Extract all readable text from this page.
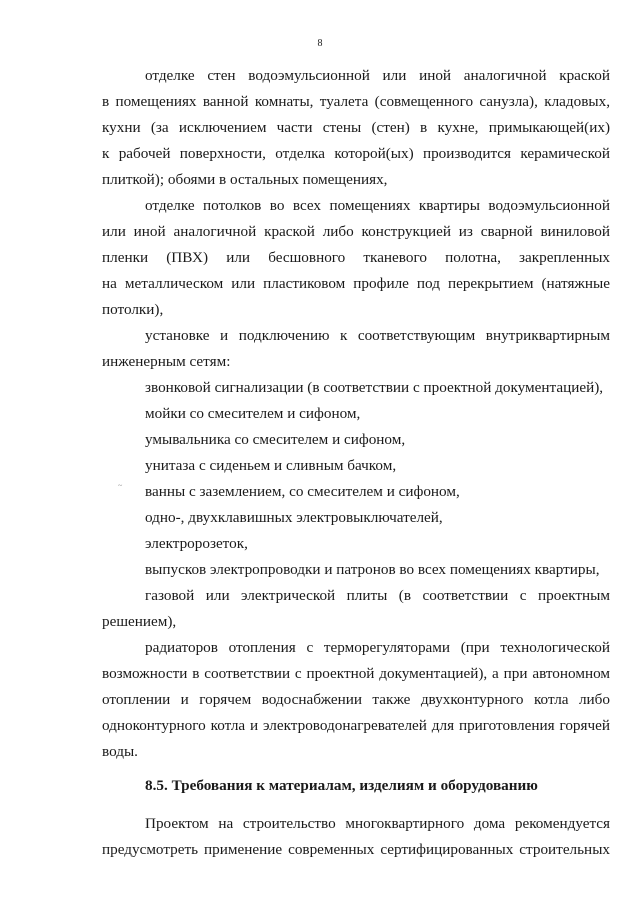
8

отделке стен водоэмульсионной или иной аналогичной краской

в помещениях ванной комнаты, туалета (совмещенного санузла), кладовых,

кухни (за исключением части стены (стен) в кухне, примыкающей(их)

к рабочей поверхности, отделка которой(ых) производится керамической

плиткой); обоями в остальных помещениях,

отделке потолков во всех помещениях квартиры водоэмульсионной

или иной аналогичной краской либо конструкцией из сварной виниловой

пленки (ПВХ) или бесшовного тканевого полотна, закрепленных

на металлическом или пластиковом профиле под перекрытием (натяжные

потолки),

установке и подключению к соответствующим внутриквартирным

инженерным сетям:

звонковой сигнализации (в соответствии с проектной документацией),

мойки со смесителем и сифоном,

умывальника со смесителем и сифоном,

унитаза с сиденьем и сливным бачком,

ванны с заземлением, со смесителем и сифоном,

одно-, двухклавишных электровыключателей,

электророзеток,

выпусков электропроводки и патронов во всех помещениях квартиры,

газовой или электрической плиты (в соответствии с проектным

решением),

радиаторов отопления с терморегуляторами (при технологической

возможности в соответствии с проектной документацией), а при автономном

отоплении и горячем водоснабжении также двухконтурного котла либо

одноконтурного котла и электроводонагревателей для приготовления горячей

воды.

8.5. Требования к материалам, изделиям и оборудованию

Проектом на строительство многоквартирного дома рекомендуется

предусмотреть применение современных сертифицированных строительных

~
